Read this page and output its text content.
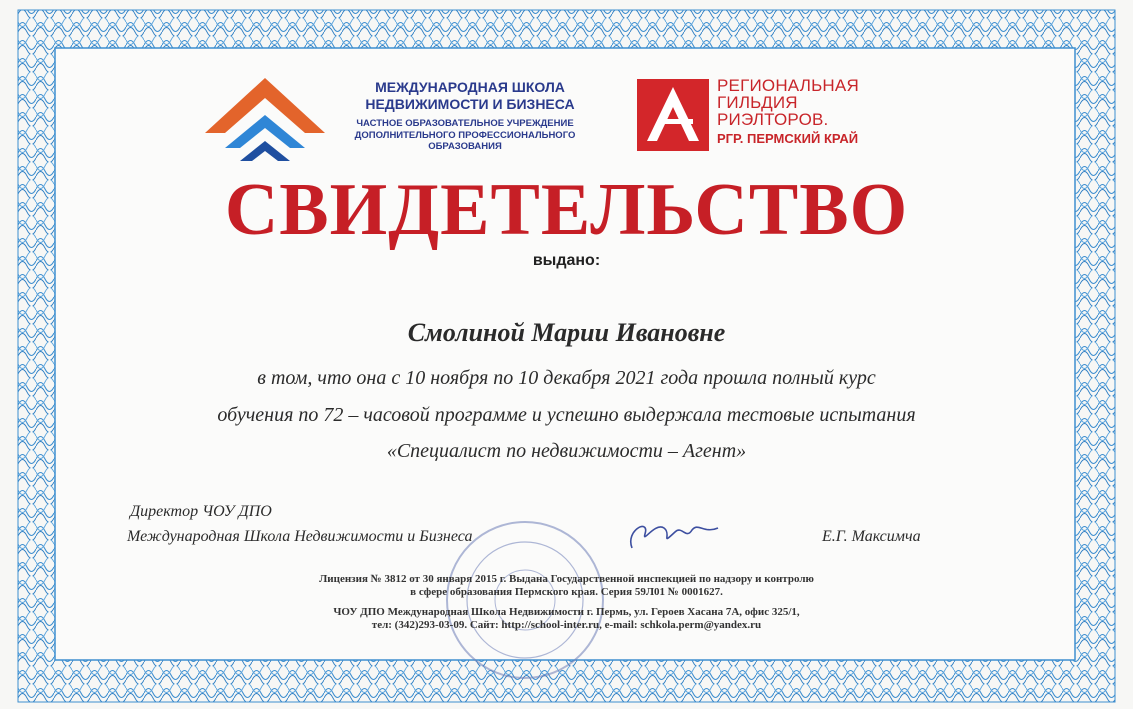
МЕЖДУНАРОДНАЯ ШКОЛА НЕДВИЖИМОСТИ И БИЗНЕСА
ЧАСТНОЕ ОБРАЗОВАТЕЛЬНОЕ УЧРЕЖДЕНИЕ ДОПОЛНИТЕЛЬНОГО ПРОФЕССИОНАЛЬНОГО ОБРАЗОВАНИЯ
РЕГИОНАЛЬНАЯ
ГИЛЬДИЯ
РИЭЛТОРОВ.
РГР. ПЕРМСКИЙ КРАЙ
СВИДЕТЕЛЬСТВО
выдано:
Смолиной Марии Ивановне
в том, что она с 10 ноября по 10 декабря 2021 года прошла полный курс
обучения по 72 – часовой программе и успешно выдержала тестовые испытания
«Специалист по недвижимости – Агент»
Директор ЧОУ ДПО
Международная Школа Недвижимости и Бизнеса	Е.Г. Максимча
Лицензия № 3812 от 30 января 2015 г. Выдана Государственной инспекцией по надзору и контролю
в сфере образования Пермского края. Серия 59Л01 № 0001627.
ЧОУ ДПО Международная Школа Недвижимости г. Пермь, ул. Героев Хасана 7А, офис 325/1,
тел: (342)293-03-09. Сайт: http://school-inter.ru, e-mail: schkola.perm@yandex.ru
